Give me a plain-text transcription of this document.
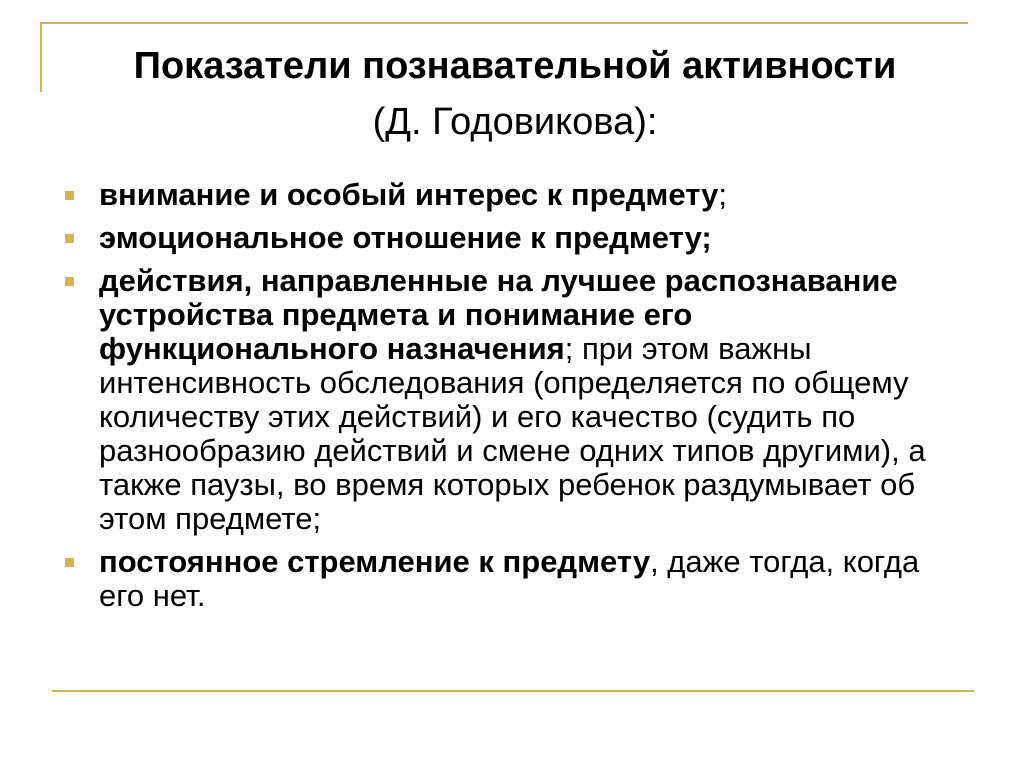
Показатели познавательной активности
(Д. Годовикова):
внимание и особый интерес к предмету;
эмоциональное отношение к предмету;
действия, направленные на лучшее распознавание устройства предмета и понимание его функционального назначения; при этом важны интенсивность обследования (определяется по общему количеству этих действий) и его качество (судить по разнообразию действий и смене одних типов другими), а также паузы, во время которых ребенок раздумывает об этом предмете;
постоянное стремление к предмету, даже тогда, когда его нет.
